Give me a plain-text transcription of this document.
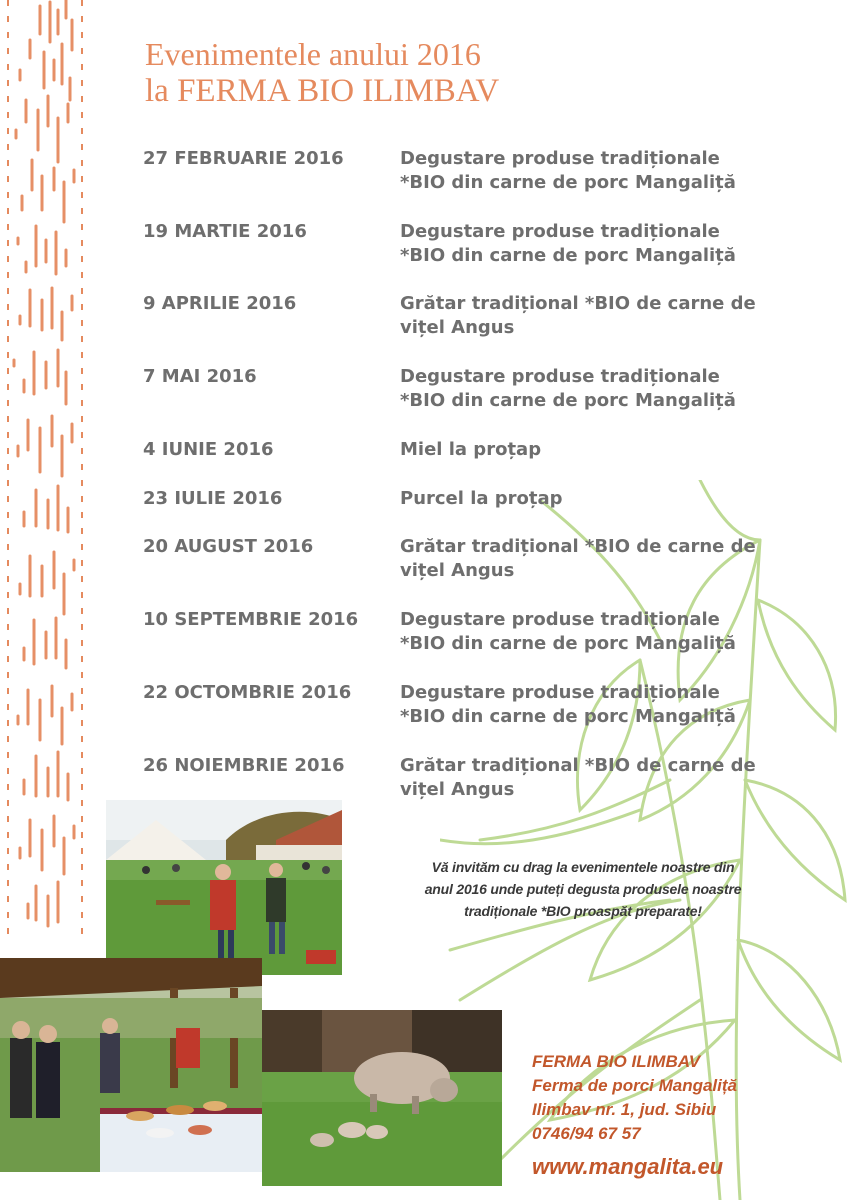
Evenimentele anului 2016
la FERMA BIO ILIMBAV
27 FEBRUARIE 2016	Degustare produse tradiționale
*BIO din carne de porc Mangaliță
19 MARTIE 2016	Degustare produse tradiționale
*BIO din carne de porc Mangaliță
9 APRILIE 2016	Grătar tradițional *BIO de carne de
vițel Angus
7 MAI 2016	Degustare produse tradiționale
*BIO din carne de porc Mangaliță
4 IUNIE 2016	Miel la proțap
23 IULIE 2016	Purcel la proțap
20 AUGUST 2016	Grătar tradițional *BIO de carne de
vițel Angus
10 SEPTEMBRIE 2016 Degustare produse tradiționale
*BIO din carne de porc Mangaliță
22 OCTOMBRIE 2016	Degustare produse tradiționale
*BIO din carne de porc Mangaliță
26 NOIEMBRIE 2016	Grătar tradițional *BIO de carne de
vițel Angus
Vă invităm cu drag la evenimentele noastre din
anul 2016 unde puteți degusta produsele noastre
tradiționale *BIO proaspăt preparate!
FERMA BIO ILIMBAV
Ferma de porci Mangaliță
Ilimbav nr. 1, jud. Sibiu
0746/94 67 57
www.mangalita.eu
